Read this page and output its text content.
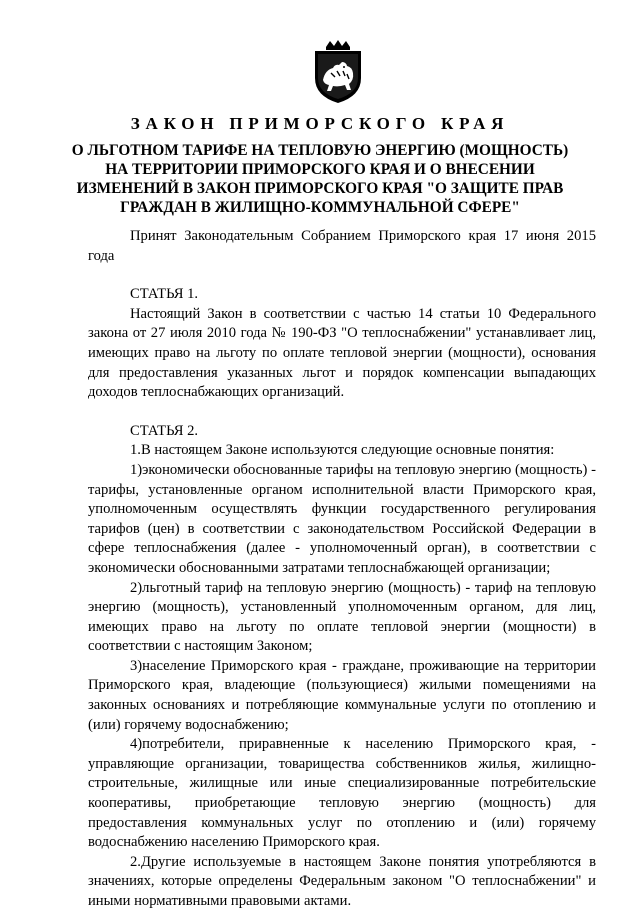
ЗАКОН ПРИМОРСКОГО КРАЯ
О ЛЬГОТНОМ ТАРИФЕ НА ТЕПЛОВУЮ ЭНЕРГИЮ (МОЩНОСТЬ)
НА ТЕРРИТОРИИ ПРИМОРСКОГО КРАЯ И О ВНЕСЕНИИ
ИЗМЕНЕНИЙ В ЗАКОН ПРИМОРСКОГО КРАЯ "О ЗАЩИТЕ ПРАВ
ГРАЖДАН В ЖИЛИЩНО-КОММУНАЛЬНОЙ СФЕРЕ"

Принят Законодательным Собранием Приморского края 17 июня 2015 года

СТАТЬЯ 1.

Настоящий Закон в соответствии с частью 14 статьи 10 Федерального закона от 27 июля 2010 года № 190-ФЗ "О теплоснабжении" устанавливает лиц, имеющих право на льготу по оплате тепловой энергии (мощности), основания для предоставления указанных льгот и порядок компенсации выпадающих доходов теплоснабжающих организаций.

СТАТЬЯ 2.

1.В настоящем Законе используются следующие основные понятия:

1)экономически обоснованные тарифы на тепловую энергию (мощность) - тарифы, установленные органом исполнительной власти Приморского края, уполномоченным осуществлять функции государственного регулирования тарифов (цен) в соответствии с законодательством Российской Федерации в сфере теплоснабжения (далее - уполномоченный орган), в соответствии с экономически обоснованными затратами теплоснабжающей организации;

2)льготный тариф на тепловую энергию (мощность) - тариф на тепловую энергию (мощность), установленный уполномоченным органом, для лиц, имеющих право на льготу по оплате тепловой энергии (мощности) в соответствии с настоящим Законом;

3)население Приморского края - граждане, проживающие на территории Приморского края, владеющие (пользующиеся) жилыми помещениями на законных основаниях и потребляющие коммунальные услуги по отоплению и (или) горячему водоснабжению;

4)потребители, приравненные к населению Приморского края, - управляющие организации, товарищества собственников жилья, жилищно-строительные, жилищные или иные специализированные потребительские кооперативы, приобретающие тепловую энергию (мощность) для предоставления коммунальных услуг по отоплению и (или) горячему водоснабжению населению Приморского края.

2.Другие используемые в настоящем Законе понятия употребляются в значениях, которые определены Федеральным законом "О теплоснабжении" и иными нормативными правовыми актами.
